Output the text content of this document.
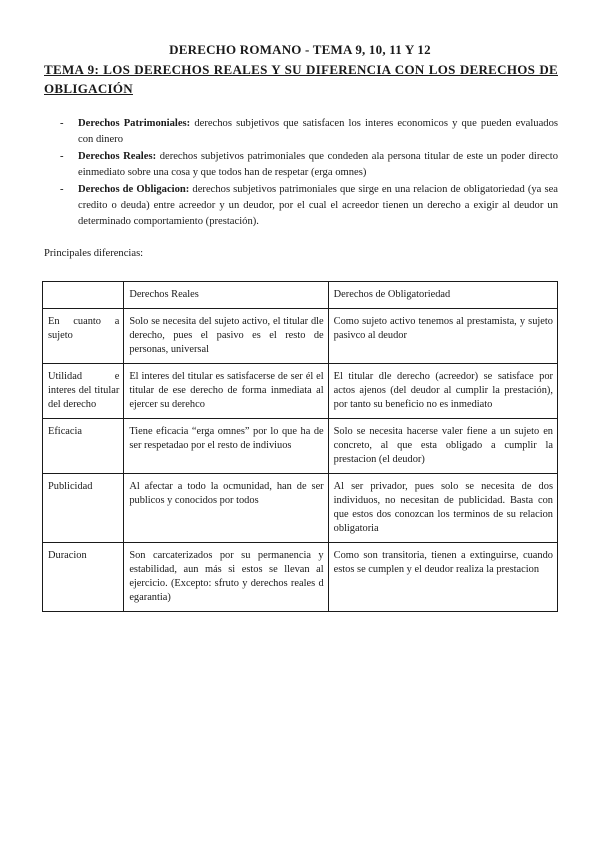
DERECHO ROMANO - TEMA 9, 10, 11 Y 12
TEMA 9: LOS DERECHOS REALES Y SU DIFERENCIA CON LOS DERECHOS DE OBLIGACIÓN
- Derechos Patrimoniales: derechos subjetivos que satisfacen los interes economicos y que pueden evaluados con dinero
- Derechos Reales: derechos subjetivos patrimoniales que condeden ala persona titular de este un poder directo einmediato sobre una cosa y que todos han de respetar (erga omnes)
- Derechos de Obligacion: derechos subjetivos patrimoniales que sirge en una relacion de obligatoriedad (ya sea credito o deuda) entre acreedor y un deudor, por el cual el acreedor tienen un derecho a exigir al deudor un determinado comportamiento (prestación).
Principales diferencias:
	Derechos Reales	Derechos de Obligatoriedad
En cuanto a sujeto	Solo se necesita del sujeto activo, el titular dle derecho, pues el pasivo es el resto de personas, universal	Como sujeto activo tenemos al prestamista, y sujeto pasivco al deudor
Utilidad e interes del titular del derecho	El interes del titular es satisfacerse de ser él el titular de ese derecho de forma inmediata al ejercer su derehco	El titular dle derecho (acreedor) se satisface por actos ajenos (del deudor al cumplir la prestación), por tanto su beneficio no es inmediato
Eficacia	Tiene eficacia “erga omnes” por lo que ha de ser respetadao por el resto de indiviuos	Solo se necesita hacerse valer fiene a un sujeto en concreto, al que esta obligado a cumplir la prestacion (el deudor)
Publicidad	Al afectar a todo la ocmunidad, han de ser publicos y conocidos por todos	Al ser privador, pues solo se necesita de dos individuos, no necesitan de publicidad. Basta con que estos dos conozcan los terminos de su relacion obligatoria
Duracion	Son carcaterizados por su permanencia y estabilidad, aun más si estos se llevan al ejercicio. (Excepto: sfruto y derechos reales d egarantia)	Como son transitoria, tienen a extinguirse, cuando estos se cumplen y el deudor realiza la prestacion
